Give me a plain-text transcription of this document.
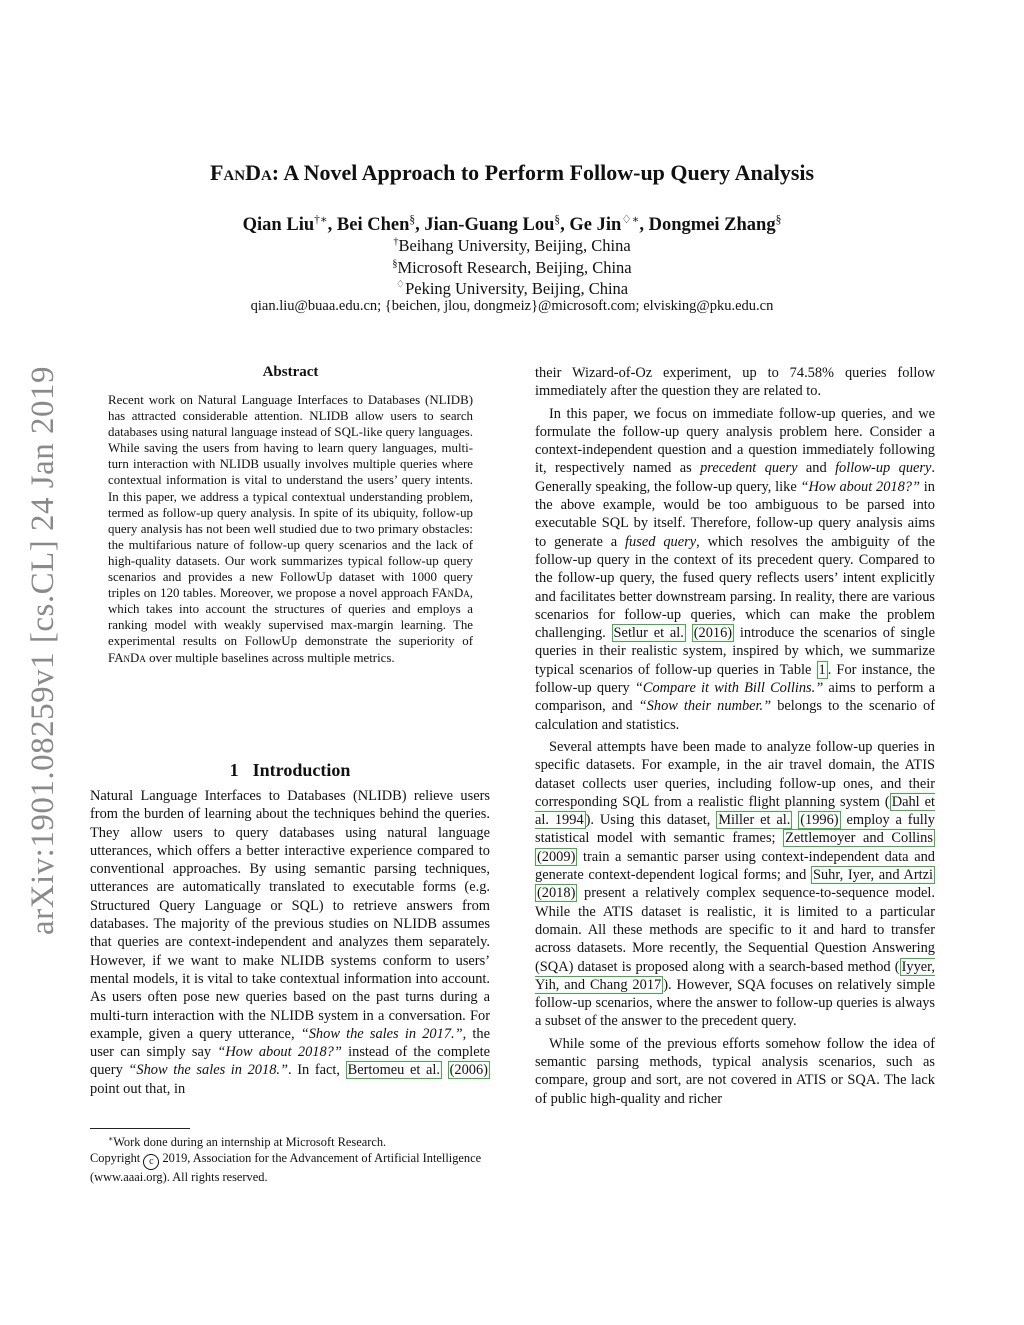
arXiv:1901.08259v1 [cs.CL] 24 Jan 2019
FanDa: A Novel Approach to Perform Follow-up Query Analysis
Qian Liu†∗, Bei Chen§, Jian-Guang Lou§, Ge Jin♢∗, Dongmei Zhang§
†Beihang University, Beijing, China
§Microsoft Research, Beijing, China
♢Peking University, Beijing, China
qian.liu@buaa.edu.cn; {beichen, jlou, dongmeiz}@microsoft.com; elvisking@pku.edu.cn
Abstract
Recent work on Natural Language Interfaces to Databases (NLIDB) has attracted considerable attention. NLIDB allow users to search databases using natural language instead of SQL-like query languages. While saving the users from having to learn query languages, multi-turn interaction with NLIDB usually involves multiple queries where contextual information is vital to understand the users’ query intents. In this paper, we address a typical contextual understanding problem, termed as follow-up query analysis. In spite of its ubiquity, follow-up query analysis has not been well studied due to two primary obstacles: the multifarious nature of follow-up query scenarios and the lack of high-quality datasets. Our work summarizes typical follow-up query scenarios and provides a new FollowUp dataset with 1000 query triples on 120 tables. Moreover, we propose a novel approach FAnDa, which takes into account the structures of queries and employs a ranking model with weakly supervised max-margin learning. The experimental results on FollowUp demonstrate the superiority of FAnDa over multiple baselines across multiple metrics.
1 Introduction

Natural Language Interfaces to Databases (NLIDB) relieve users from the burden of learning about the techniques behind the queries. They allow users to query databases using natural language utterances, which offers a better interactive experience compared to conventional approaches. By using semantic parsing techniques, utterances are automatically translated to executable forms (e.g. Structured Query Language or SQL) to retrieve answers from databases. The majority of the previous studies on NLIDB assumes that queries are context-independent and analyzes them separately. However, if we want to make NLIDB systems conform to users’ mental models, it is vital to take contextual information into account. As users often pose new queries based on the past turns during a multi-turn interaction with the NLIDB system in a conversation. For example, given a query utterance, “Show the sales in 2017.”, the user can simply say “How about 2018?” instead of the complete query “Show the sales in 2018.”. In fact, Bertomeu et al. (2006) point out that, in

∗Work done during an internship at Microsoft Research.

Copyright c 2019, Association for the Advancement of Artificial Intelligence (www.aaai.org). All rights reserved.

their Wizard-of-Oz experiment, up to 74.58% queries follow immediately after the question they are related to.

In this paper, we focus on immediate follow-up queries, and we formulate the follow-up query analysis problem here. Consider a context-independent question and a question immediately following it, respectively named as precedent query and follow-up query. Generally speaking, the follow-up query, like “How about 2018?” in the above example, would be too ambiguous to be parsed into executable SQL by itself. Therefore, follow-up query analysis aims to generate a fused query, which resolves the ambiguity of the follow-up query in the context of its precedent query. Compared to the follow-up query, the fused query reflects users’ intent explicitly and facilitates better downstream parsing. In reality, there are various scenarios for follow-up queries, which can make the problem challenging. Setlur et al. (2016) introduce the scenarios of single queries in their realistic system, inspired by which, we summarize typical scenarios of follow-up queries in Table 1 . For instance, the follow-up query “Compare it with Bill Collins.” aims to perform a comparison, and “Show their number.” belongs to the scenario of calculation and statistics.

Several attempts have been made to analyze follow-up queries in specific datasets. For example, in the air travel domain, the ATIS dataset collects user queries, including follow-up ones, and their corresponding SQL from a realistic flight planning system ( Dahl et al. 1994 ). Using this dataset, Miller et al. (1996) employ a fully statistical model with semantic frames; Zettlemoyer and Collins (2009) train a semantic parser using context-independent data and generate context-dependent logical forms; and Suhr, Iyer, and Artzi (2018) present a relatively complex sequence-to-sequence model. While the ATIS dataset is realistic, it is limited to a particular domain. All these methods are specific to it and hard to transfer across datasets. More recently, the Sequential Question Answering (SQA) dataset is proposed along with a search-based method ( Iyyer, Yih, and Chang 2017 ). However, SQA focuses on relatively simple follow-up scenarios, where the answer to follow-up queries is always a subset of the answer to the precedent query.

While some of the previous efforts somehow follow the idea of semantic parsing methods, typical analysis scenarios, such as compare, group and sort, are not covered in ATIS or SQA. The lack of public high-quality and richer
